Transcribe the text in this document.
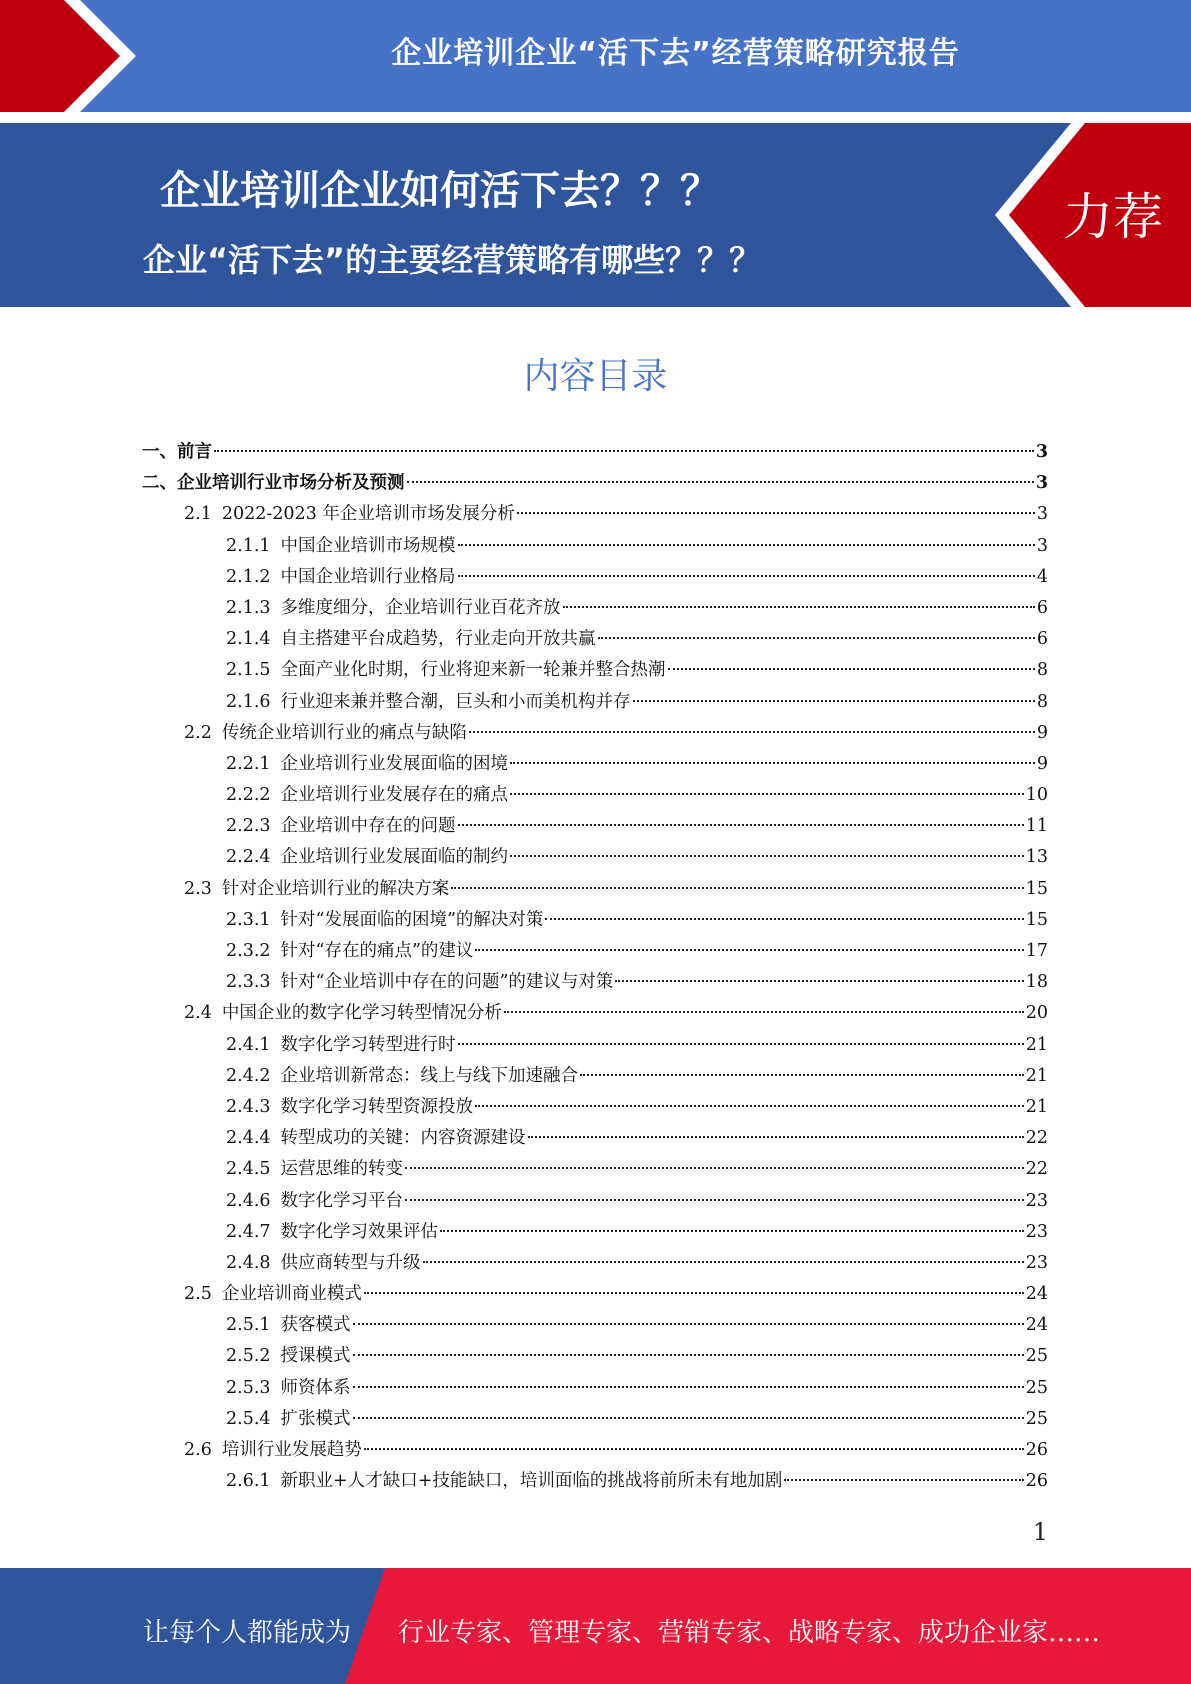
企业培训企业“活下去”经营策略研究报告
企业培训企业如何活下去？？？
企业“活下去”的主要经营策略有哪些？？？
力荐
内容目录
一、 前言	3
二、 企业培训行业市场分析及预测	3
2.1 2022-2023 年企业培训市场发展分析	3
2.1.1 中国企业培训市场规模	3
2.1.2 中国企业培训行业格局	4
2.1.3 多维度细分，企业培训行业百花齐放	6
2.1.4 自主搭建平台成趋势，行业走向开放共赢	6
2.1.5 全面产业化时期，行业将迎来新一轮兼并整合热潮	8
2.1.6 行业迎来兼并整合潮，巨头和小而美机构并存	8
2.2 传统企业培训行业的痛点与缺陷	9
2.2.1 企业培训行业发展面临的困境	9
2.2.2 企业培训行业发展存在的痛点	10
2.2.3 企业培训中存在的问题	11
2.2.4 企业培训行业发展面临的制约	13
2.3 针对企业培训行业的解决方案	15
2.3.1 针对“发展面临的困境”的解决对策	15
2.3.2 针对“存在的痛点”的建议	17
2.3.3 针对“企业培训中存在的问题”的建议与对策	18
2.4 中国企业的数字化学习转型情况分析	20
2.4.1 数字化学习转型进行时	21
2.4.2 企业培训新常态：线上与线下加速融合	21
2.4.3 数字化学习转型资源投放	21
2.4.4 转型成功的关键：内容资源建设	22
2.4.5 运营思维的转变	22
2.4.6 数字化学习平台	23
2.4.7 数字化学习效果评估	23
2.4.8 供应商转型与升级	23
2.5 企业培训商业模式	24
2.5.1 获客模式	24
2.5.2 授课模式	25
2.5.3 师资体系	25
2.5.4 扩张模式	25
2.6 培训行业发展趋势	26
2.6.1 新职业+人才缺口+技能缺口，培训面临的挑战将前所未有地加剧	26
1
让每个人都能成为 行业专家、管理专家、营销专家、战略专家、成功企业家……
